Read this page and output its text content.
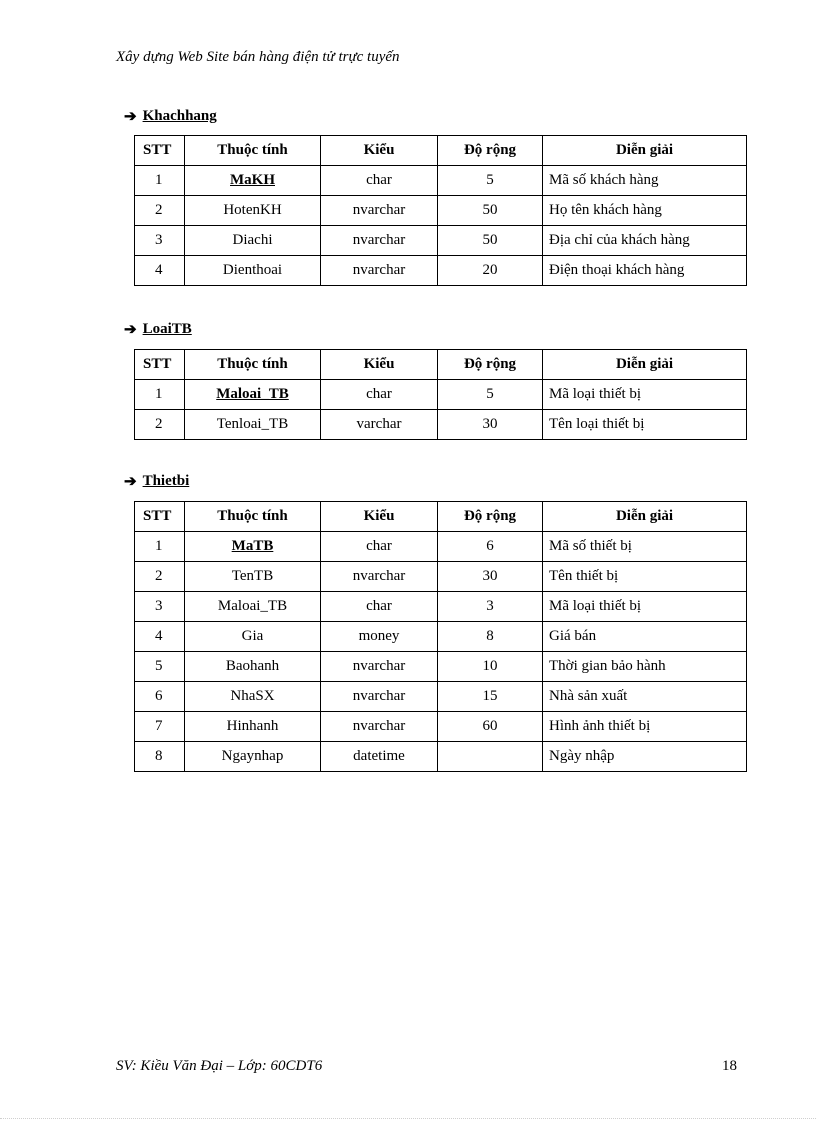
Xây dựng Web Site bán hàng điện tử trực tuyến
➔ Khachhang
STT	Thuộc tính	Kiểu	Độ rộng	Diễn giải
1	MaKH	char	5	Mã số khách hàng
2	HotenKH	nvarchar	50	Họ tên khách hàng
3	Diachi	nvarchar	50	Địa chỉ của khách hàng
4	Dienthoai	nvarchar	20	Điện thoại khách hàng
➔ LoaiTB
STT	Thuộc tính	Kiểu	Độ rộng	Diễn giải
1	Maloai_TB	char	5	Mã loại thiết bị
2	Tenloai_TB	varchar	30	Tên loại thiết bị
➔ Thietbi
STT	Thuộc tính	Kiểu	Độ rộng	Diễn giải
1	MaTB	char	6	Mã số thiết bị
2	TenTB	nvarchar	30	Tên thiết bị
3	Maloai_TB	char	3	Mã loại thiết bị
4	Gia	money	8	Giá bán
5	Baohanh	nvarchar	10	Thời gian bảo hành
6	NhaSX	nvarchar	15	Nhà sản xuất
7	Hinhanh	nvarchar	60	Hình ảnh thiết bị
8	Ngaynhap	datetime		Ngày nhập
SV: Kiều Văn Đại – Lớp: 60CDT6	18
